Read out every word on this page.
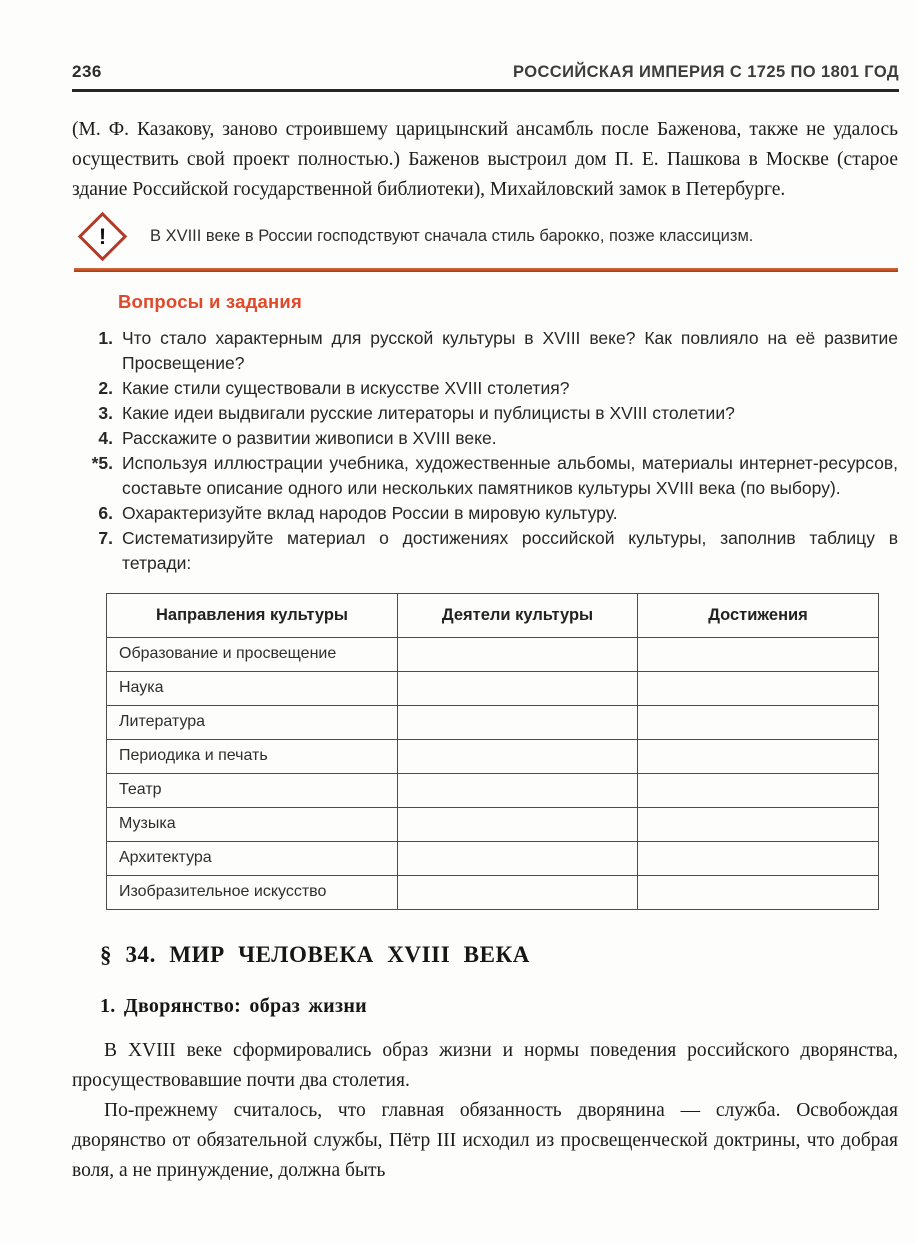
236	РОССИЙСКАЯ ИМПЕРИЯ С 1725 ПО 1801 ГОД

(М. Ф. Казакову, заново строившему царицынский ансамбль после Баженова, также не удалось осуществить свой проект полностью.) Баженов выстроил дом П. Е. Пашкова в Москве (старое здание Российской государственной библиотеки), Михайловский замок в Петербурге.

!	В XVIII веке в России господствуют сначала стиль барокко, позже классицизм.
Вопросы и задания
1. Что стало характерным для русской культуры в XVIII веке? Как повлияло на её развитие Просвещение?
2. Какие стили существовали в искусстве XVIII столетия?
3. Какие идеи выдвигали русские литераторы и публицисты в XVIII столетии?
4. Расскажите о развитии живописи в XVIII веке.
*5. Используя иллюстрации учебника, художественные альбомы, материалы интернет-ресурсов, составьте описание одного или нескольких памятников культуры XVIII века (по выбору).
6. Охарактеризуйте вклад народов России в мировую культуру.
7. Систематизируйте материал о достижениях российской культуры, заполнив таблицу в тетради:
Направления культуры	Деятели культуры	Достижения
Образование и просвещение		
Наука		
Литература		
Периодика и печать		
Театр		
Музыка		
Архитектура		
Изобразительное искусство		
§ 34. МИР ЧЕЛОВЕКА XVIII ВЕКА
1. Дворянство: образ жизни

В XVIII веке сформировались образ жизни и нормы поведения российского дворянства, просуществовавшие почти два столетия.

По-прежнему считалось, что главная обязанность дворянина — служба. Освобождая дворянство от обязательной службы, Пётр III исходил из просвещенческой доктрины, что добрая воля, а не принуждение, должна быть
